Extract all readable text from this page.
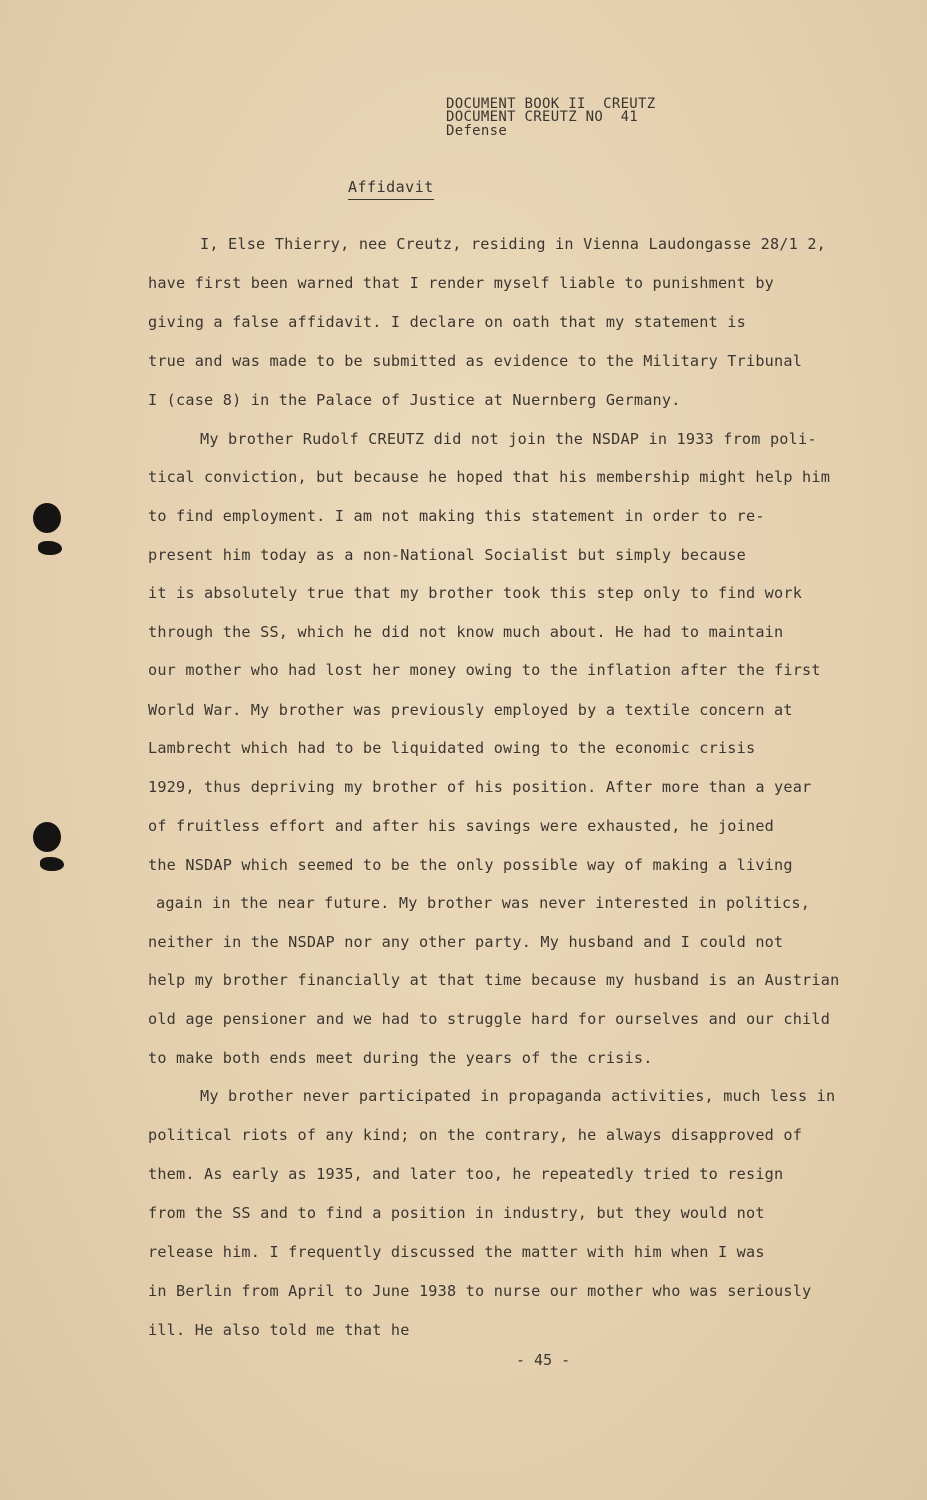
DOCUMENT BOOK II  CREUTZ
DOCUMENT CREUTZ NO  41
Defense
Affidavit
I, Else Thierry, nee Creutz, residing in Vienna Laudongasse 28/1 2,
have first been warned that I render myself liable to punishment by
giving a false affidavit. I declare on oath that my statement is
true and was made to be submitted as evidence to the Military Tribunal
I (case 8) in the Palace of Justice at Nuernberg Germany.
My brother Rudolf CREUTZ did not join the NSDAP in 1933 from poli-
tical conviction, but because he hoped that his membership might help him
to find employment. I am not making this statement in order to re-
present him today as a non-National Socialist but simply because
it is absolutely true that my brother took this step only to find work
through the SS, which he did not know much about. He had to maintain
our mother who had lost her money owing to the inflation after the first
World War. My brother was previously employed by a textile concern at
Lambrecht which had to be liquidated owing to the economic crisis
1929, thus depriving my brother of his position. After more than a year
of fruitless effort and after his savings were exhausted, he joined
the NSDAP which seemed to be the only possible way of making a living
again in the near future. My brother was never interested in politics,
neither in the NSDAP nor any other party. My husband and I could not
help my brother financially at that time because my husband is an Austrian
old age pensioner and we had to struggle hard for ourselves and our child
to make both ends meet during the years of the crisis.
My brother never participated in propaganda activities, much less in
political riots of any kind; on the contrary, he always disapproved of
them. As early as 1935, and later too, he repeatedly tried to resign
from the SS and to find a position in industry, but they would not
release him. I frequently discussed the matter with him when I was
in Berlin from April to June 1938 to nurse our mother who was seriously
ill. He also told me that he
- 45 -
